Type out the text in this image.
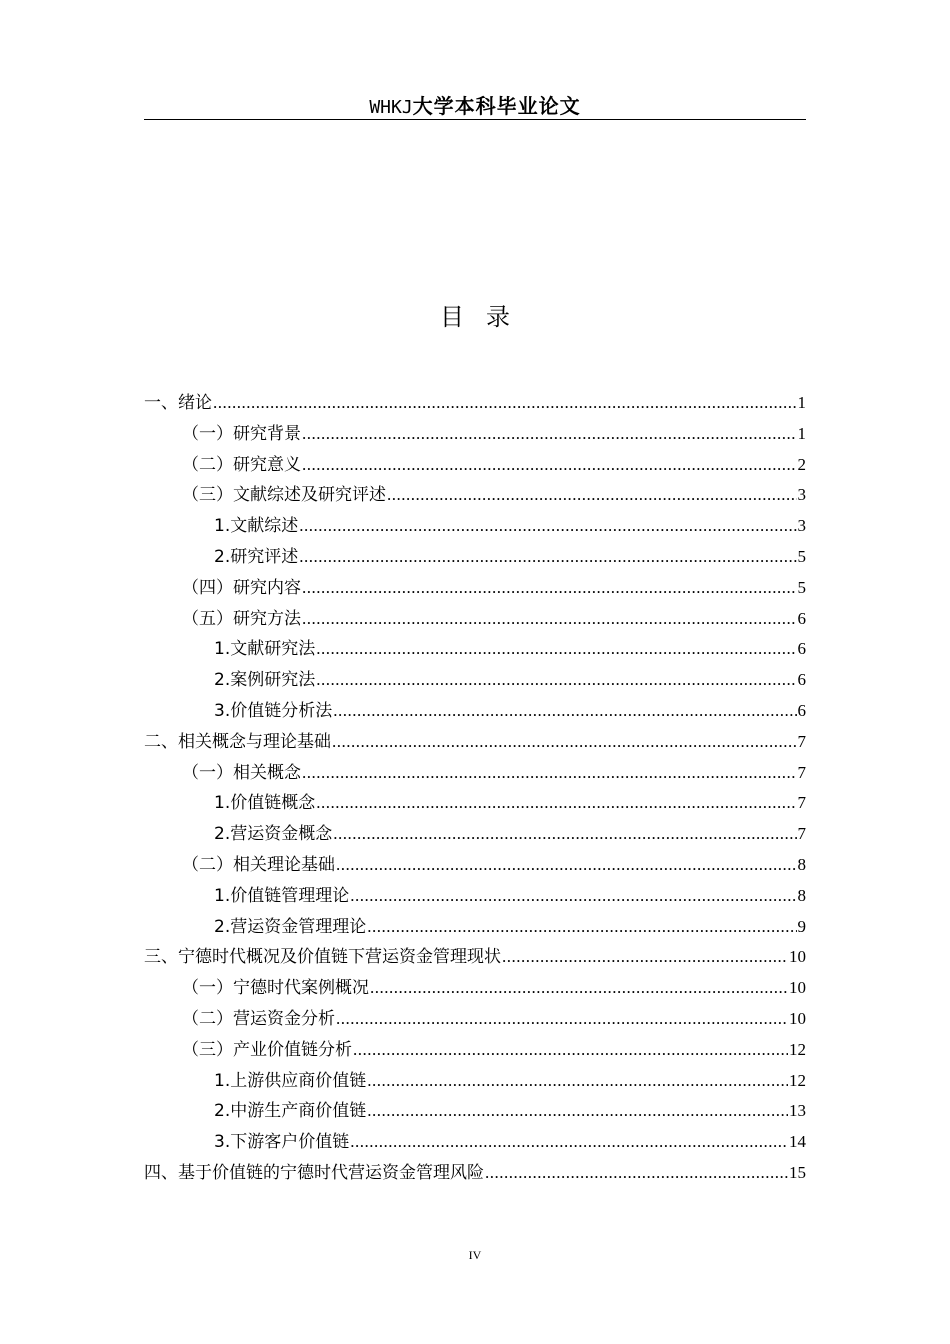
WHKJ大学本科毕业论文
目录
一、绪论 .....	1
（一）研究背景 .....	1
（二）研究意义 .....	2
（三）文献综述及研究评述 .....	3
1.文献综述 .....	3
2.研究评述 .....	5
（四）研究内容 .....	5
（五）研究方法 .....	6
1.文献研究法 .....	6
2.案例研究法 .....	6
3.价值链分析法 .....	6
二、相关概念与理论基础 .....	7
（一）相关概念 .....	7
1.价值链概念 .....	7
2.营运资金概念 .....	7
（二）相关理论基础 .....	8
1.价值链管理理论 .....	8
2.营运资金管理理论 .....	9
三、宁德时代概况及价值链下营运资金管理现状 .....	10
（一）宁德时代案例概况 .....	10
（二）营运资金分析 .....	10
（三）产业价值链分析 .....	12
1.上游供应商价值链 .....	12
2.中游生产商价值链 .....	13
3.下游客户价值链 .....	14
四、基于价值链的宁德时代营运资金管理风险 .....	15
IV
